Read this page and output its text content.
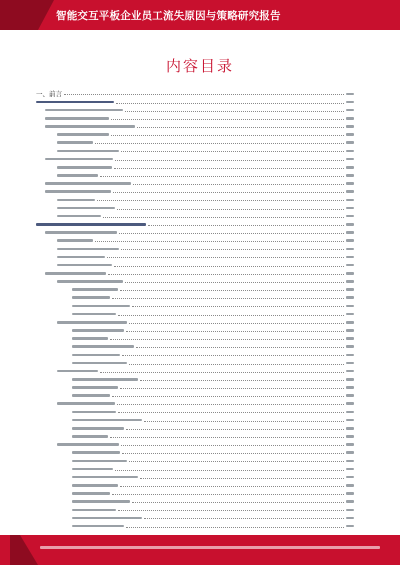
智能交互平板企业员工流失原因与策略研究报告
内容目录
一、前言
